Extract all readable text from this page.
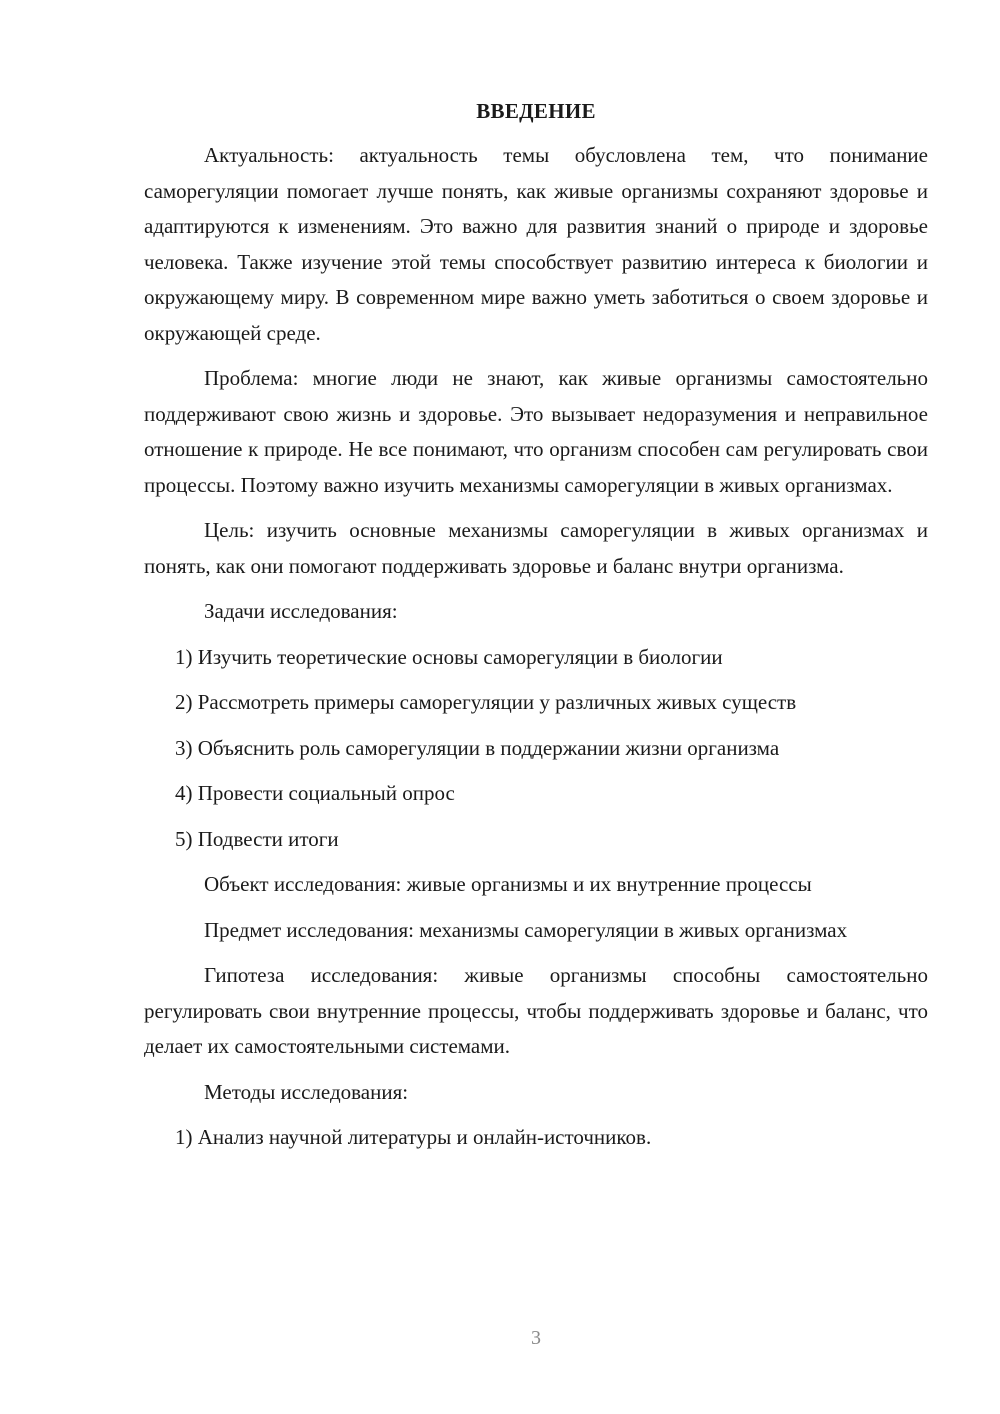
ВВЕДЕНИЕ

Актуальность: актуальность темы обусловлена тем, что понимание саморегуляции помогает лучше понять, как живые организмы сохраняют здоровье и адаптируются к изменениям. Это важно для развития знаний о природе и здоровье человека. Также изучение этой темы способствует развитию интереса к биологии и окружающему миру. В современном мире важно уметь заботиться о своем здоровье и окружающей среде.

Проблема: многие люди не знают, как живые организмы самостоятельно поддерживают свою жизнь и здоровье. Это вызывает недоразумения и неправильное отношение к природе. Не все понимают, что организм способен сам регулировать свои процессы. Поэтому важно изучить механизмы саморегуляции в живых организмах.

Цель: изучить основные механизмы саморегуляции в живых организмах и понять, как они помогают поддерживать здоровье и баланс внутри организма.

Задачи исследования:

1) Изучить теоретические основы саморегуляции в биологии

2) Рассмотреть примеры саморегуляции у различных живых существ

3) Объяснить роль саморегуляции в поддержании жизни организма

4) Провести социальный опрос

5) Подвести итоги

Объект исследования: живые организмы и их внутренние процессы

Предмет исследования: механизмы саморегуляции в живых организмах

Гипотеза исследования: живые организмы способны самостоятельно регулировать свои внутренние процессы, чтобы поддерживать здоровье и баланс, что делает их самостоятельными системами.

Методы исследования:

1) Анализ научной литературы и онлайн-источников.

3
